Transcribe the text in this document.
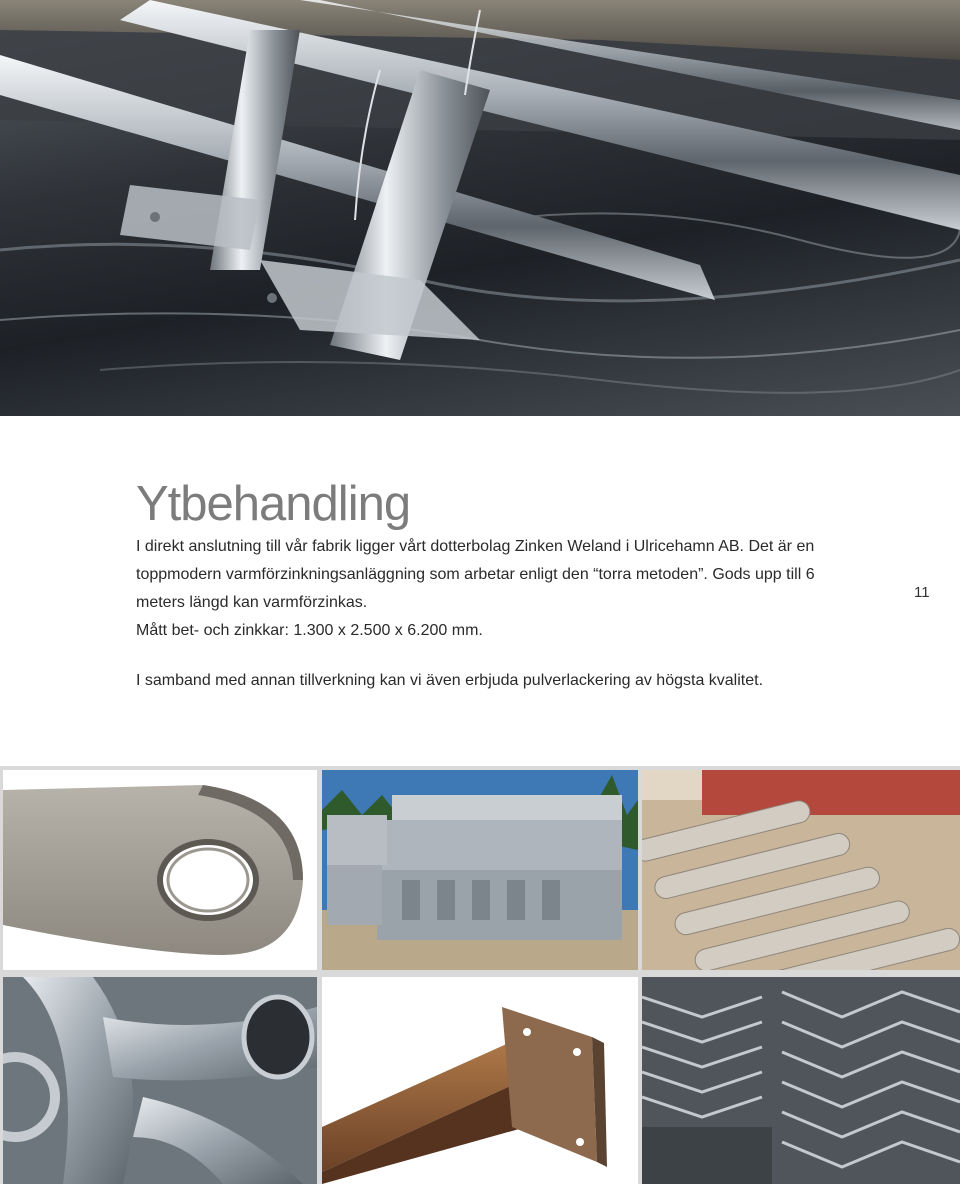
Ytbehandling

I direkt anslutning till vår fabrik ligger vårt dotterbolag Zinken Weland i Ulricehamn AB. Det är en toppmodern varmförzinkningsanläggning som arbetar enligt den “torra metoden”. Gods upp till 6 meters längd kan varmförzinkas.

Mått bet- och zinkkar: 1.300 x 2.500 x 6.200 mm.

I samband med annan tillverkning kan vi även erbjuda pulverlackering av högsta kvalitet.

11
